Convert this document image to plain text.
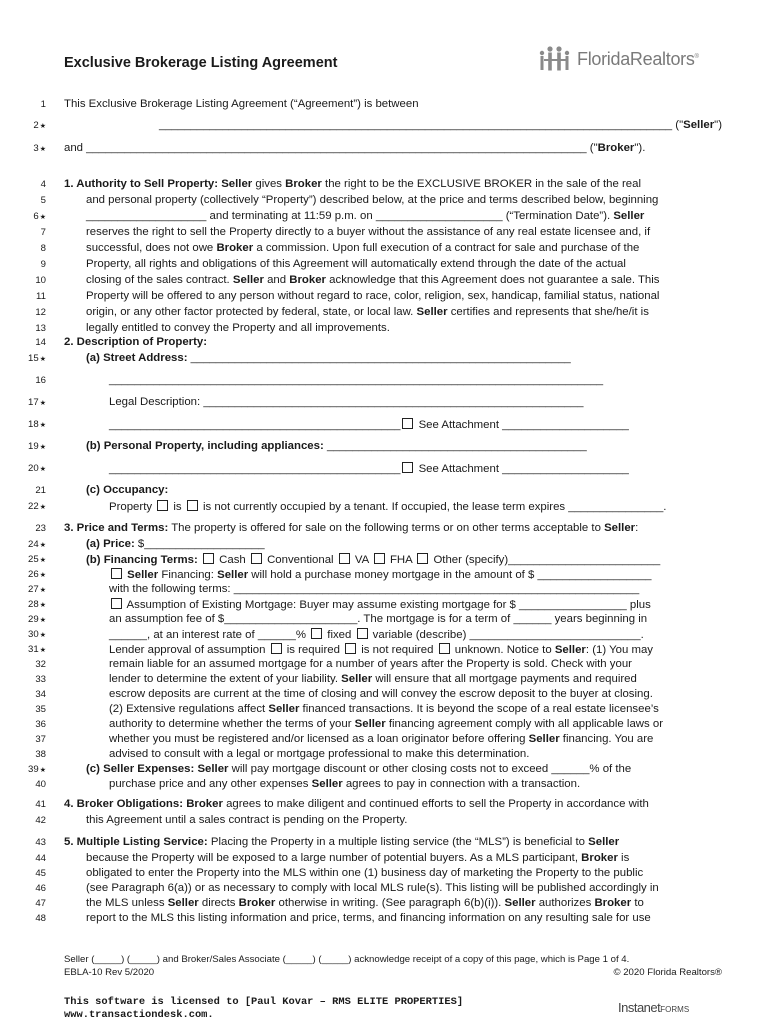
Exclusive Brokerage Listing Agreement	FloridaRealtors®
1 This Exclusive Brokerage Listing Agreement (“Agreement”) is between
2 ★	_________________________________________________________________________________ ("Seller")
3 ★	and _______________________________________________________________________________ ("Broker").
4 1. Authority to Sell Property: Seller gives Broker the right to be the EXCLUSIVE BROKER in the sale of the real
5	and personal property (collectively “Property”) described below, at the price and terms described below, beginning
6 ★	___________________ and terminating at 11:59 p.m. on ____________________ (“Termination Date”). Seller
7	reserves the right to sell the Property directly to a buyer without the assistance of any real estate licensee and, if
8	successful, does not owe Broker a commission. Upon full execution of a contract for sale and purchase of the
9	Property, all rights and obligations of this Agreement will automatically extend through the date of the actual
10	closing of the sales contract. Seller and Broker acknowledge that this Agreement does not guarantee a sale. This
11	Property will be offered to any person without regard to race, color, religion, sex, handicap, familial status, national
12	origin, or any other factor protected by federal, state, or local law. Seller certifies and represents that she/he/it is
13	legally entitled to convey the Property and all improvements.
14 2. Description of Property:
15 ★	(a) Street Address: ____________________________________________________________
16	______________________________________________________________________________
17 ★	Legal Description: ____________________________________________________________
18 ★	______________________________________________ See Attachment ____________________
19 ★	(b) Personal Property, including appliances: _________________________________________
20 ★	______________________________________________ See Attachment ____________________
21	(c) Occupancy:
22 ★	Property  is  is not currently occupied by a tenant. If occupied, the lease term expires _______________.
23 3. Price and Terms: The property is offered for sale on the following terms or on other terms acceptable to Seller:
24 ★	(a) Price: $___________________
25 ★	(b) Financing Terms:  Cash  Conventional  VA  FHA  Other (specify)________________________
26 ★	Seller Financing: Seller will hold a purchase money mortgage in the amount of $ __________________
27 ★	with the following terms: ________________________________________________________________
28 ★	Assumption of Existing Mortgage: Buyer may assume existing mortgage for $ _________________ plus
29 ★	an assumption fee of $_____________________. The mortgage is for a term of ______ years beginning in
30 ★	______, at an interest rate of ______%  fixed  variable (describe) ___________________________.
31 ★	Lender approval of assumption  is required  is not required  unknown. Notice to Seller: (1) You may
32	remain liable for an assumed mortgage for a number of years after the Property is sold. Check with your
33	lender to determine the extent of your liability. Seller will ensure that all mortgage payments and required
34	escrow deposits are current at the time of closing and will convey the escrow deposit to the buyer at closing.
35	(2) Extensive regulations affect Seller financed transactions. It is beyond the scope of a real estate licensee’s
36	authority to determine whether the terms of your Seller financing agreement comply with all applicable laws or
37	whether you must be registered and/or licensed as a loan originator before offering Seller financing. You are
38	advised to consult with a legal or mortgage professional to make this determination.
39 ★	(c) Seller Expenses: Seller will pay mortgage discount or other closing costs not to exceed ______% of the
40	purchase price and any other expenses Seller agrees to pay in connection with a transaction.
41 4. Broker Obligations: Broker agrees to make diligent and continued efforts to sell the Property in accordance with
42	this Agreement until a sales contract is pending on the Property.
43 5. Multiple Listing Service: Placing the Property in a multiple listing service (the “MLS”) is beneficial to Seller
44	because the Property will be exposed to a large number of potential buyers. As a MLS participant, Broker is
45	obligated to enter the Property into the MLS within one (1) business day of marketing the Property to the public
46	(see Paragraph 6(a)) or as necessary to comply with local MLS rule(s). This listing will be published accordingly in
47	the MLS unless Seller directs Broker otherwise in writing. (See paragraph 6(b)(i)). Seller authorizes Broker to
48	report to the MLS this listing information and price, terms, and financing information on any resulting sale for use
Seller (_____) (_____) and Broker/Sales Associate (_____) (_____) acknowledge receipt of a copy of this page, which is Page 1 of 4.
EBLA-10 Rev 5/2020	© 2020 Florida Realtors®
This software is licensed to [Paul Kovar – RMS ELITE PROPERTIES]
www.transactiondesk.com.	InstanetFORMS
